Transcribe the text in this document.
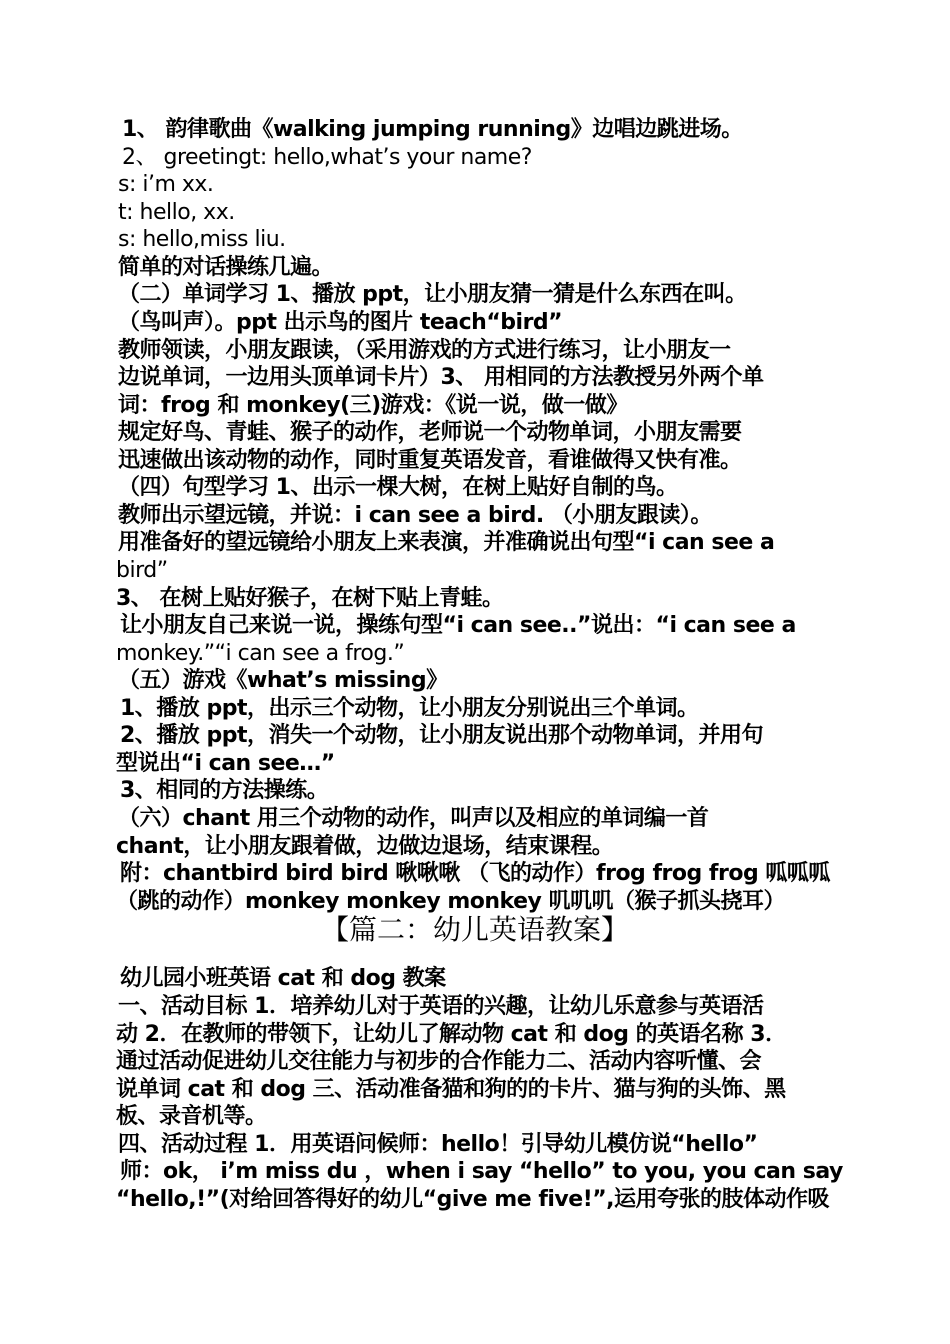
1、 韵律歌曲《walking jumping running》边唱边跳进场。
2、 greetingt: hello,what’s your name?
s: i’m xx.
t: hello, xx.
s: hello,miss liu.
简单的对话操练几遍。
（二）单词学习 1、播放 ppt，让小朋友猜一猜是什么东西在叫。
（鸟叫声）。ppt 出示鸟的图片 teach“bird”
教师领读，小朋友跟读，（采用游戏的方式进行练习，让小朋友一
边说单词，一边用头顶单词卡片）3、 用相同的方法教授另外两个单
词：frog 和 monkey(三)游戏：《说一说，做一做》
规定好鸟、青蛙、猴子的动作，老师说一个动物单词，小朋友需要
迅速做出该动物的动作，同时重复英语发音，看谁做得又快有准。
（四）句型学习 1、出示一棵大树，在树上贴好自制的鸟。
教师出示望远镜，并说：i can see a bird. （小朋友跟读）。
用准备好的望远镜给小朋友上来表演，并准确说出句型“i can see a
bird”
3、 在树上贴好猴子，在树下贴上青蛙。
让小朋友自己来说一说，操练句型“i can see..”说出：“i can see a
monkey.”“i can see a frog.”
（五）游戏《what’s missing》
1、播放 ppt，出示三个动物，让小朋友分别说出三个单词。
2、播放 ppt，消失一个动物，让小朋友说出那个动物单词，并用句
型说出“i can see…”
3、相同的方法操练。
（六）chant 用三个动物的动作，叫声以及相应的单词编一首
chant，让小朋友跟着做，边做边退场，结束课程。
附：chantbird bird bird 啾啾啾 （飞的动作）frog frog frog 呱呱呱
（跳的动作）monkey monkey monkey 叽叽叽（猴子抓头挠耳）
【篇二：幼儿英语教案】
幼儿园小班英语 cat 和 dog 教案
一、活动目标 1．培养幼儿对于英语的兴趣，让幼儿乐意参与英语活
动 2．在教师的带领下，让幼儿了解动物 cat 和 dog 的英语名称 3．
通过活动促进幼儿交往能力与初步的合作能力二、活动内容听懂、会
说单词 cat 和 dog 三、活动准备猫和狗的的卡片、猫与狗的头饰、黑
板、录音机等。
四、活动过程 1．用英语问候师：hello！引导幼儿模仿说“hello”
师：ok， i’m miss du ，when i say “hello” to you, you can say
“hello,!”(对给回答得好的幼儿“give me five!”,运用夸张的肢体动作吸
